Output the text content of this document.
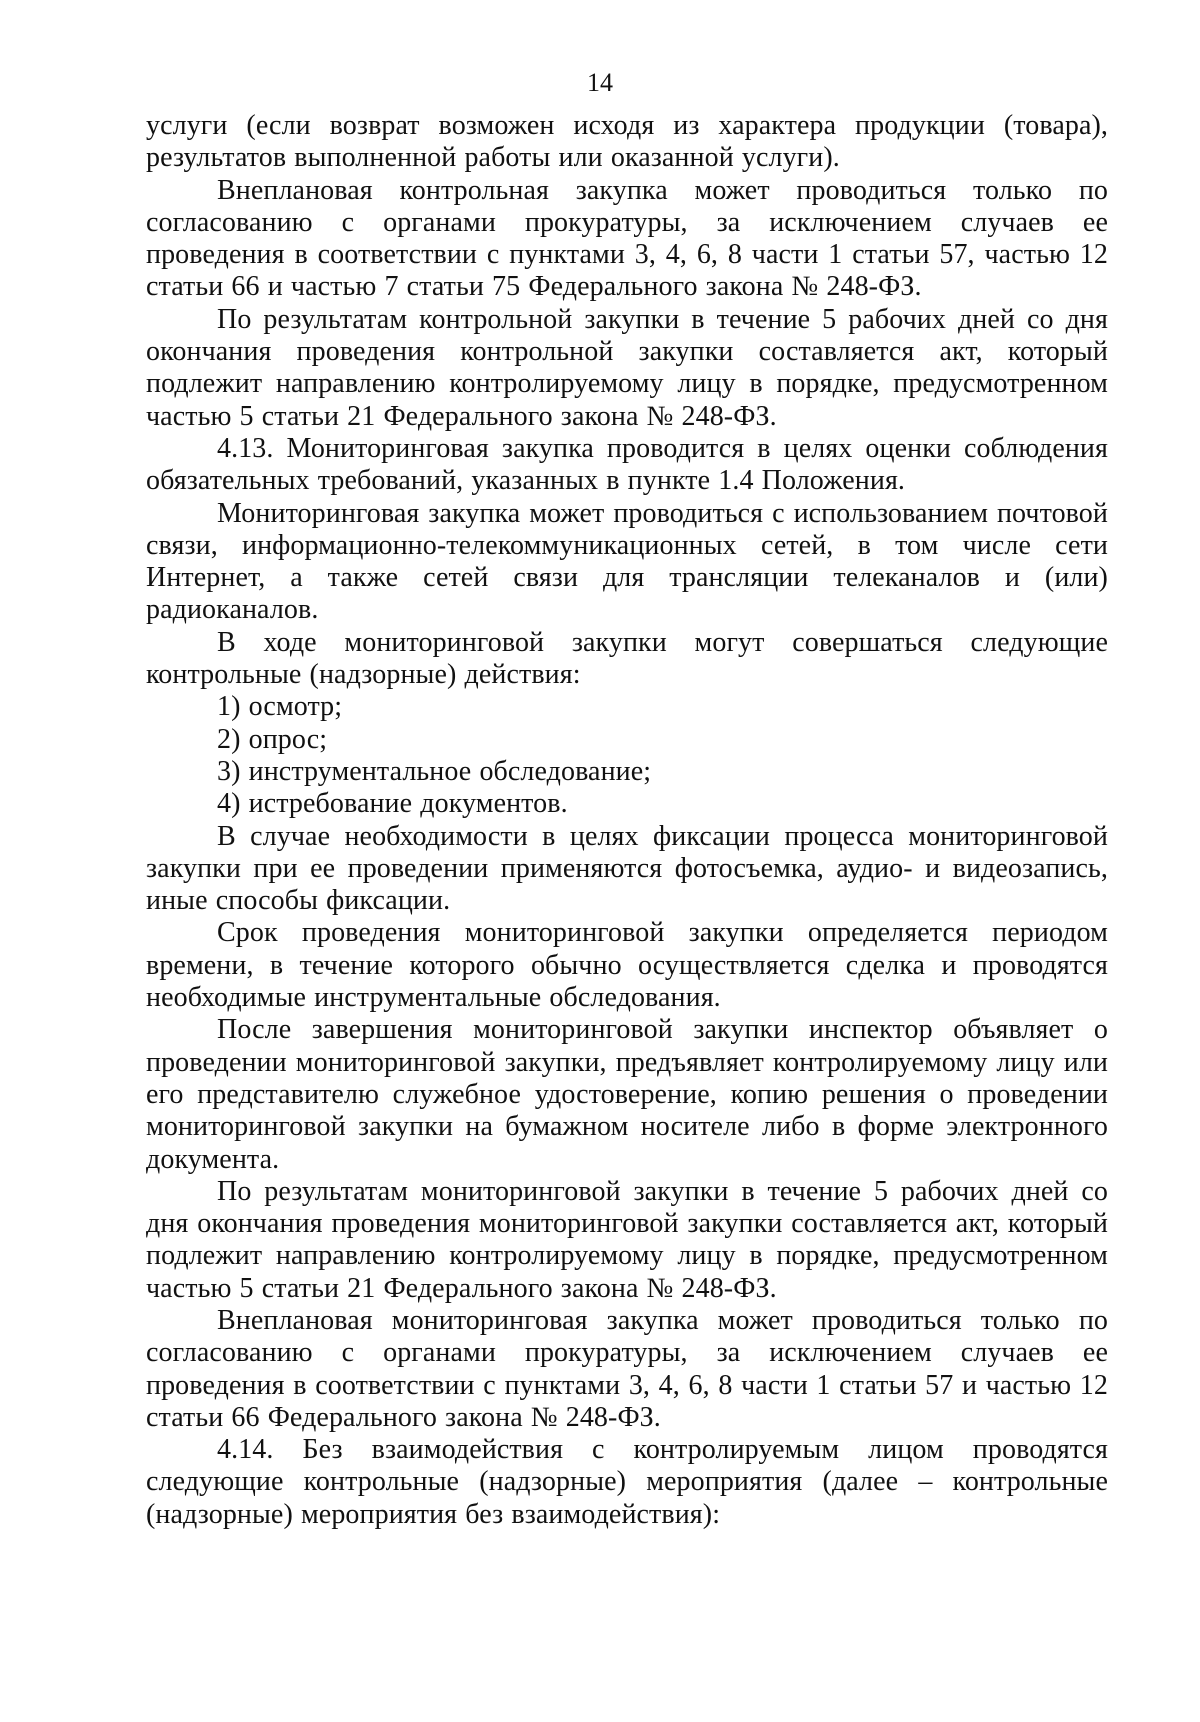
14

услуги (если возврат возможен исходя из характера продукции (товара), результатов выполненной работы или оказанной услуги).

Внеплановая контрольная закупка может проводиться только по согласованию с органами прокуратуры, за исключением случаев ее проведения в соответствии с пунктами 3, 4, 6, 8 части 1 статьи 57, частью 12 статьи 66 и частью 7 статьи 75 Федерального закона № 248-ФЗ.

По результатам контрольной закупки в течение 5 рабочих дней со дня окончания проведения контрольной закупки составляется акт, который подлежит направлению контролируемому лицу в порядке, предусмотренном частью 5 статьи 21 Федерального закона № 248-ФЗ.

4.13. Мониторинговая закупка проводится в целях оценки соблюдения обязательных требований, указанных в пункте 1.4 Положения.

Мониторинговая закупка может проводиться с использованием почтовой связи, информационно-телекоммуникационных сетей, в том числе сети Интернет, а также сетей связи для трансляции телеканалов и (или) радиоканалов.

В ходе мониторинговой закупки могут совершаться следующие контрольные (надзорные) действия:

1) осмотр;

2) опрос;

3) инструментальное обследование;

4) истребование документов.

В случае необходимости в целях фиксации процесса мониторинговой закупки при ее проведении применяются фотосъемка, аудио- и видеозапись, иные способы фиксации.

Срок проведения мониторинговой закупки определяется периодом времени, в течение которого обычно осуществляется сделка и проводятся необходимые инструментальные обследования.

После завершения мониторинговой закупки инспектор объявляет о проведении мониторинговой закупки, предъявляет контролируемому лицу или его представителю служебное удостоверение, копию решения о проведении мониторинговой закупки на бумажном носителе либо в форме электронного документа.

По результатам мониторинговой закупки в течение 5 рабочих дней со дня окончания проведения мониторинговой закупки составляется акт, который подлежит направлению контролируемому лицу в порядке, предусмотренном частью 5 статьи 21 Федерального закона № 248-ФЗ.

Внеплановая мониторинговая закупка может проводиться только по согласованию с органами прокуратуры, за исключением случаев ее проведения в соответствии с пунктами 3, 4, 6, 8 части 1 статьи 57 и частью 12 статьи 66 Федерального закона № 248-ФЗ.

4.14. Без взаимодействия с контролируемым лицом проводятся следующие контрольные (надзорные) мероприятия (далее – контрольные (надзорные) мероприятия без взаимодействия):
